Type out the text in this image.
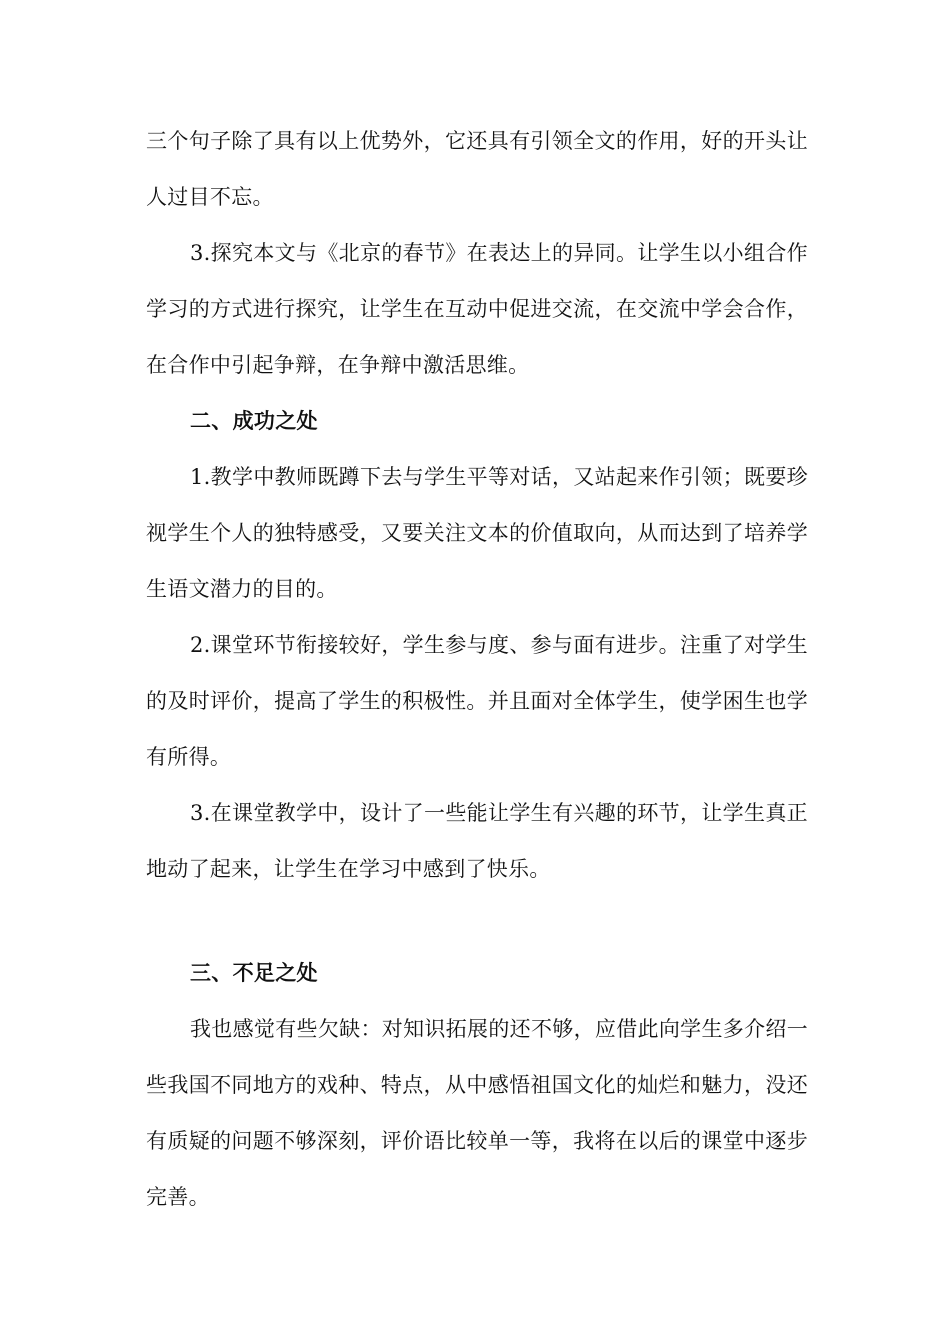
三个句子除了具有以上优势外，它还具有引领全文的作用，好的开头让人过目不忘。

3.探究本文与《北京的春节》在表达上的异同。让学生以小组合作学习的方式进行探究，让学生在互动中促进交流，在交流中学会合作，在合作中引起争辩，在争辩中激活思维。

二、成功之处

1.教学中教师既蹲下去与学生平等对话，又站起来作引领；既要珍视学生个人的独特感受，又要关注文本的价值取向，从而达到了培养学生语文潜力的目的。

2.课堂环节衔接较好，学生参与度、参与面有进步。注重了对学生的及时评价，提高了学生的积极性。并且面对全体学生，使学困生也学有所得。

3.在课堂教学中，设计了一些能让学生有兴趣的环节，让学生真正地动了起来，让学生在学习中感到了快乐。

三、不足之处

我也感觉有些欠缺：对知识拓展的还不够，应借此向学生多介绍一些我国不同地方的戏种、特点，从中感悟祖国文化的灿烂和魅力，没还有质疑的问题不够深刻，评价语比较单一等，我将在以后的课堂中逐步完善。
